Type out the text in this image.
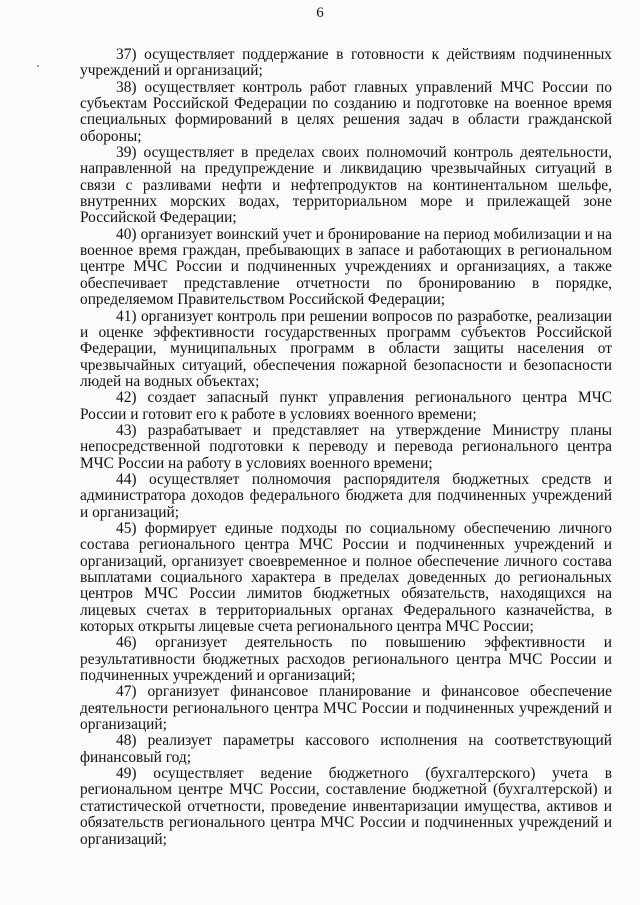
6

37) осуществляет поддержание в готовности к действиям подчиненных учреждений и организаций;

38) осуществляет контроль работ главных управлений МЧС России по субъектам Российской Федерации по созданию и подготовке на военное время специальных формирований в целях решения задач в области гражданской обороны;

39) осуществляет в пределах своих полномочий контроль деятельности, направленной на предупреждение и ликвидацию чрезвычайных ситуаций в связи с разливами нефти и нефтепродуктов на континентальном шельфе, внутренних морских водах, территориальном море и прилежащей зоне Российской Федерации;

40) организует воинский учет и бронирование на период мобилизации и на военное время граждан, пребывающих в запасе и работающих в региональном центре МЧС России и подчиненных учреждениях и организациях, а также обеспечивает представление отчетности по бронированию в порядке, определяемом Правительством Российской Федерации;

41) организует контроль при решении вопросов по разработке, реализации и оценке эффективности государственных программ субъектов Российской Федерации, муниципальных программ в области защиты населения от чрезвычайных ситуаций, обеспечения пожарной безопасности и безопасности людей на водных объектах;

42) создает запасный пункт управления регионального центра МЧС России и готовит его к работе в условиях военного времени;

43) разрабатывает и представляет на утверждение Министру планы непосредственной подготовки к переводу и перевода регионального центра МЧС России на работу в условиях военного времени;

44) осуществляет полномочия распорядителя бюджетных средств и администратора доходов федерального бюджета для подчиненных учреждений и организаций;

45) формирует единые подходы по социальному обеспечению личного состава регионального центра МЧС России и подчиненных учреждений и организаций, организует своевременное и полное обеспечение личного состава выплатами социального характера в пределах доведенных до региональных центров МЧС России лимитов бюджетных обязательств, находящихся на лицевых счетах в территориальных органах Федерального казначейства, в которых открыты лицевые счета регионального центра МЧС России;

46) организует деятельность по повышению эффективности и результативности бюджетных расходов регионального центра МЧС России и подчиненных учреждений и организаций;

47) организует финансовое планирование и финансовое обеспечение деятельности регионального центра МЧС России и подчиненных учреждений и организаций;

48) реализует параметры кассового исполнения на соответствующий финансовый год;

49) осуществляет ведение бюджетного (бухгалтерского) учета в региональном центре МЧС России, составление бюджетной (бухгалтерской) и статистической отчетности, проведение инвентаризации имущества, активов и обязательств регионального центра МЧС России и подчиненных учреждений и организаций;
